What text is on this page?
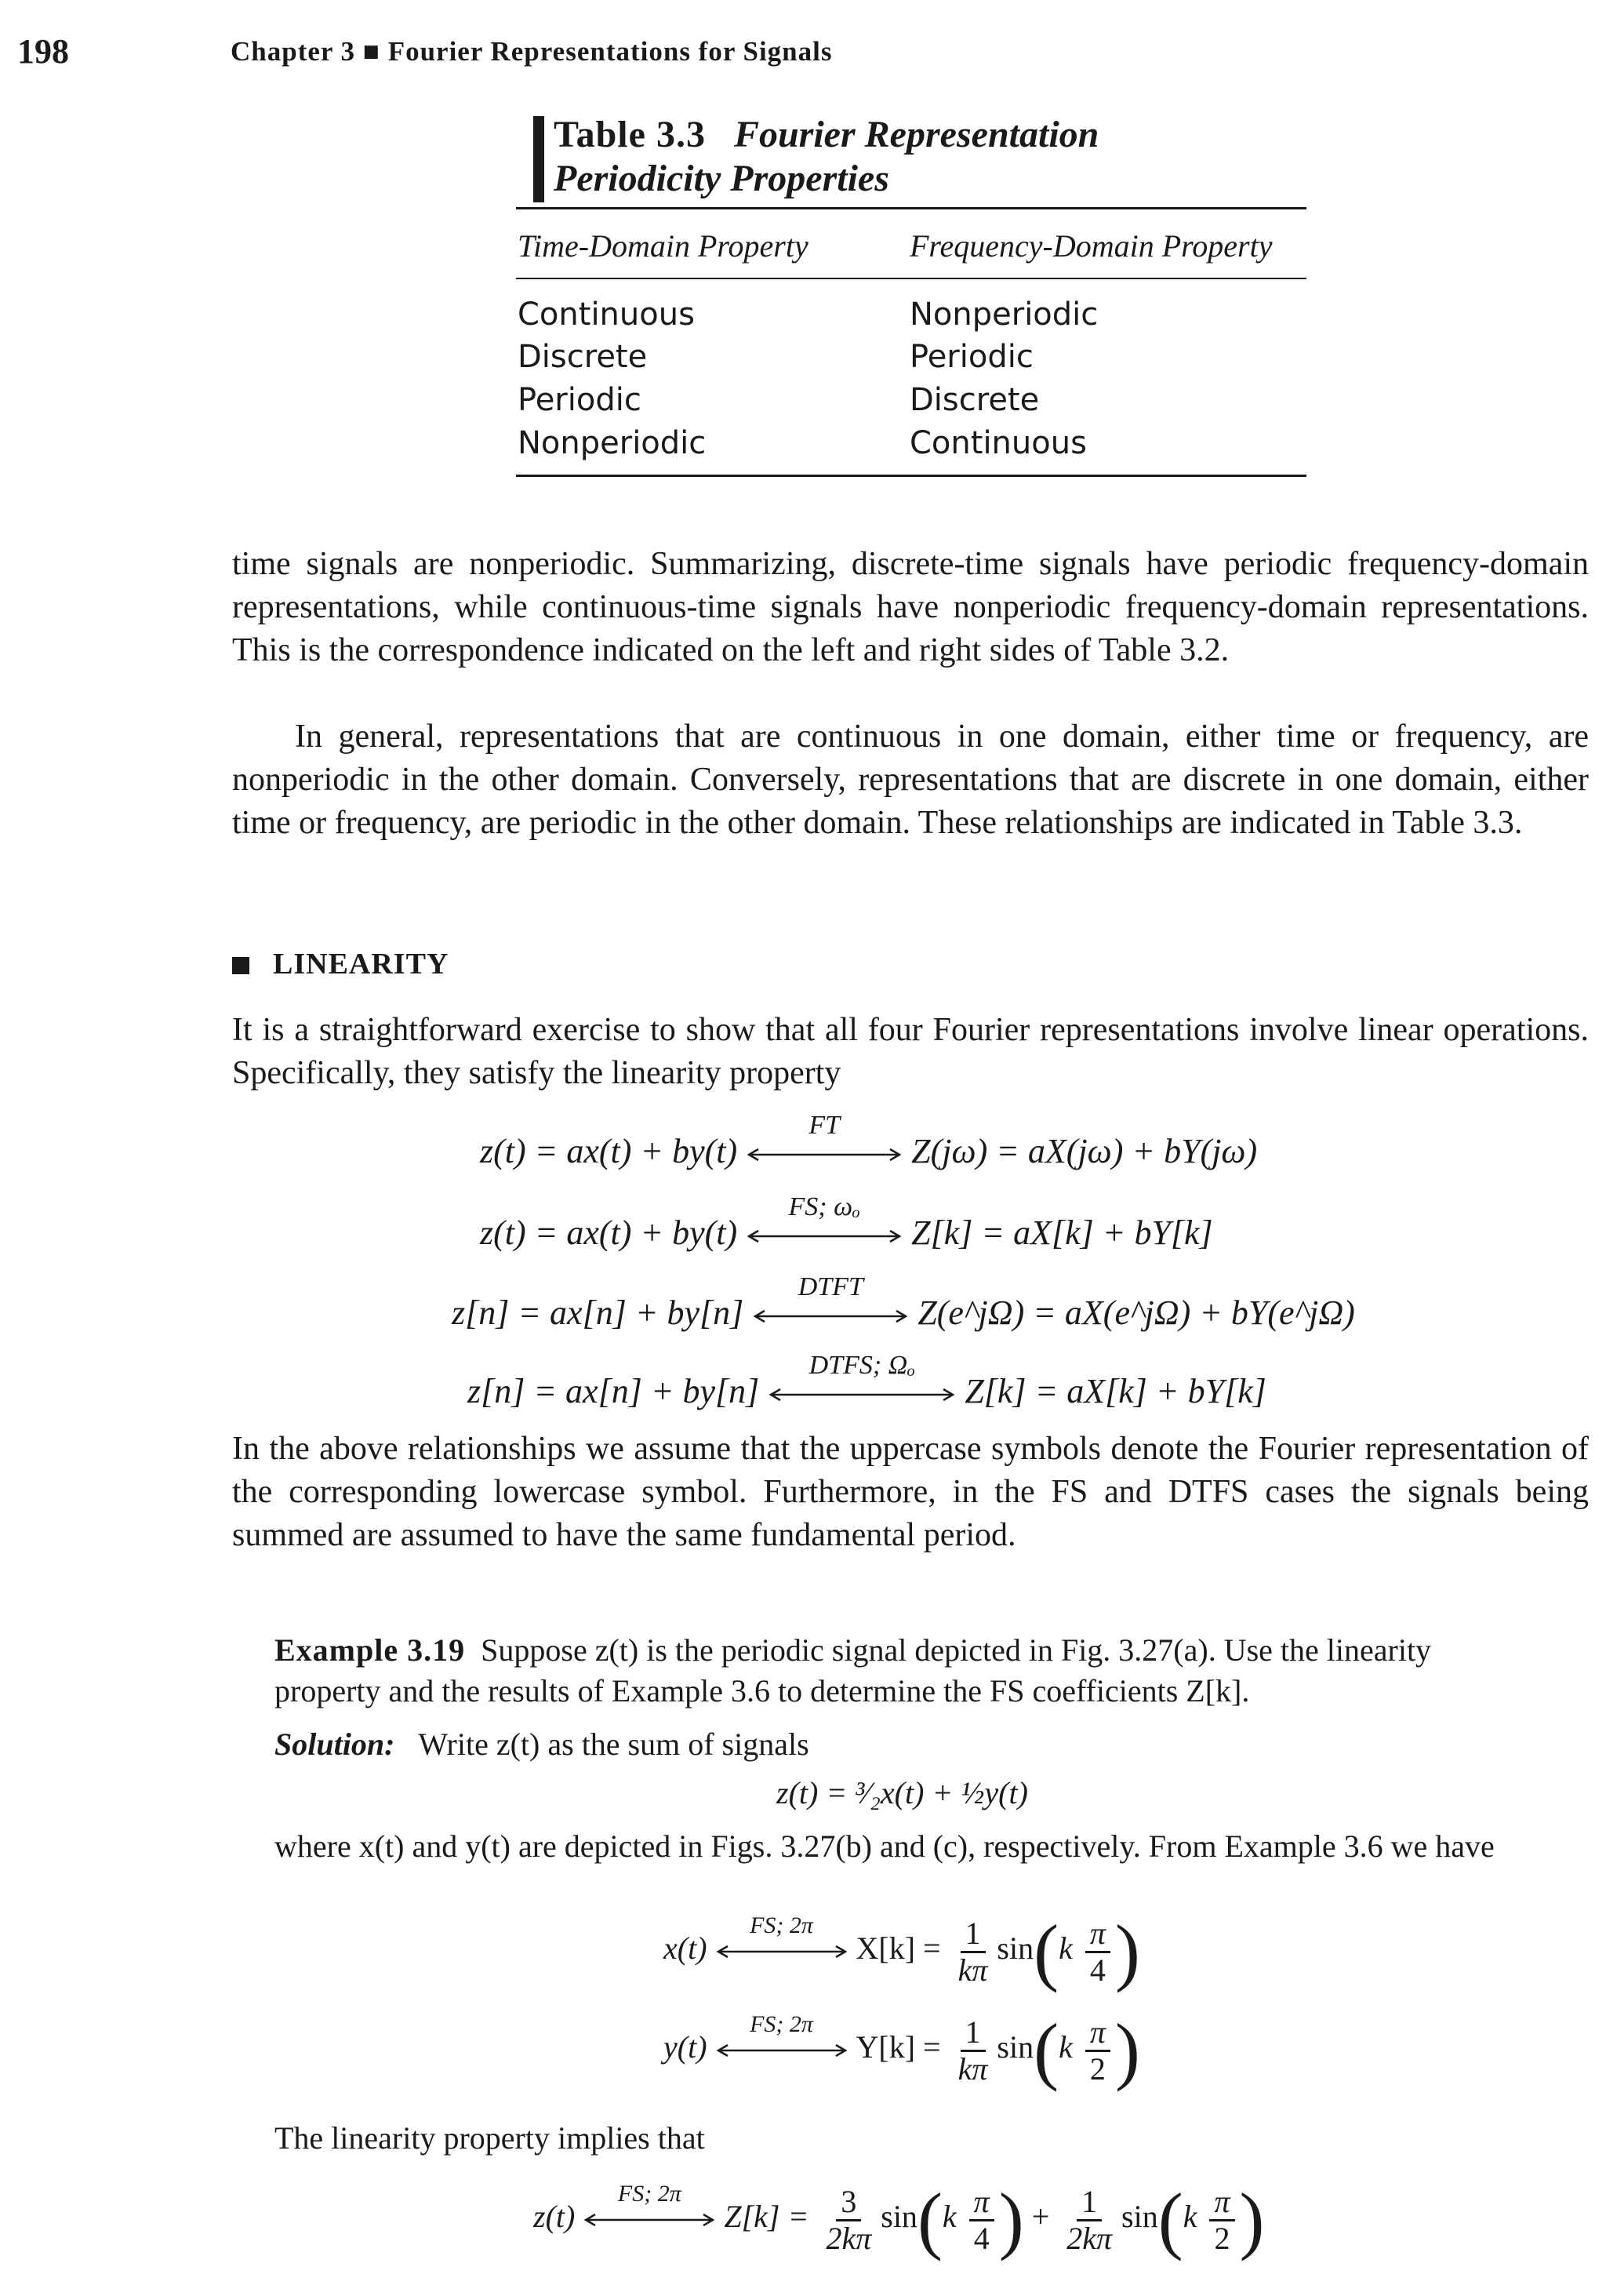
198	Chapter 3 ■ Fourier Representations for Signals
Table 3.3 Fourier Representation
Periodicity Properties
Time-Domain Property	Frequency-Domain Property
Continuous	Nonperiodic
Discrete	Periodic
Periodic	Discrete
Nonperiodic	Continuous
time signals are nonperiodic. Summarizing, discrete-time signals have periodic frequency-domain representations, while continuous-time signals have nonperiodic frequency-domain representations. This is the correspondence indicated on the left and right sides of Table 3.2.
In general, representations that are continuous in one domain, either time or frequency, are nonperiodic in the other domain. Conversely, representations that are discrete in one domain, either time or frequency, are periodic in the other domain. These relationships are indicated in Table 3.3.
LINEARITY
It is a straightforward exercise to show that all four Fourier representations involve linear operations. Specifically, they satisfy the linearity property
z(t) = ax(t) + by(t)
FT
Z(jω) = aX(jω) + bY(jω)
z(t) = ax(t) + by(t)
FS; ωₒ
Z[k] = aX[k] + bY[k]
z[n] = ax[n] + by[n]
DTFT
Z(e^jΩ) = aX(e^jΩ) + bY(e^jΩ)
z[n] = ax[n] + by[n]
DTFS; Ωₒ
Z[k] = aX[k] + bY[k]
In the above relationships we assume that the uppercase symbols denote the Fourier representation of the corresponding lowercase symbol. Furthermore, in the FS and DTFS cases the signals being summed are assumed to have the same fundamental period.
Example 3.19 Suppose z(t) is the periodic signal depicted in Fig. 3.27(a). Use the linearity property and the results of Example 3.6 to determine the FS coefficients Z[k].
Solution: Write z(t) as the sum of signals
z(t) = ³⁄₂x(t) + ½y(t)
where x(t) and y(t) are depicted in Figs. 3.27(b) and (c), respectively. From Example 3.6 we have
x(t)
FS; 2π
$X[k] = \frac{1}{k\pi} \sin(k \frac{\pi}{4}$ )
y(t)
FS; 2π
$Y[k] = \frac{1}{k\pi} \sin(k \frac{\pi}{2}$ )
The linearity property implies that
z(t)
FS; 2π
$Z[k] = \frac{3}{2k\pi} \sin(k \frac{\pi}{4}$ ) + $\frac{1}{2k\pi} \sin(k \frac{\pi}{2}$ )
